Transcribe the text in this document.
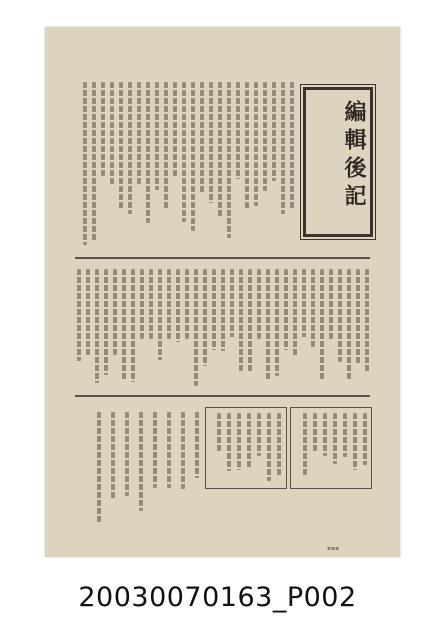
編輯後記
▪▪▪
20030070163_P002
